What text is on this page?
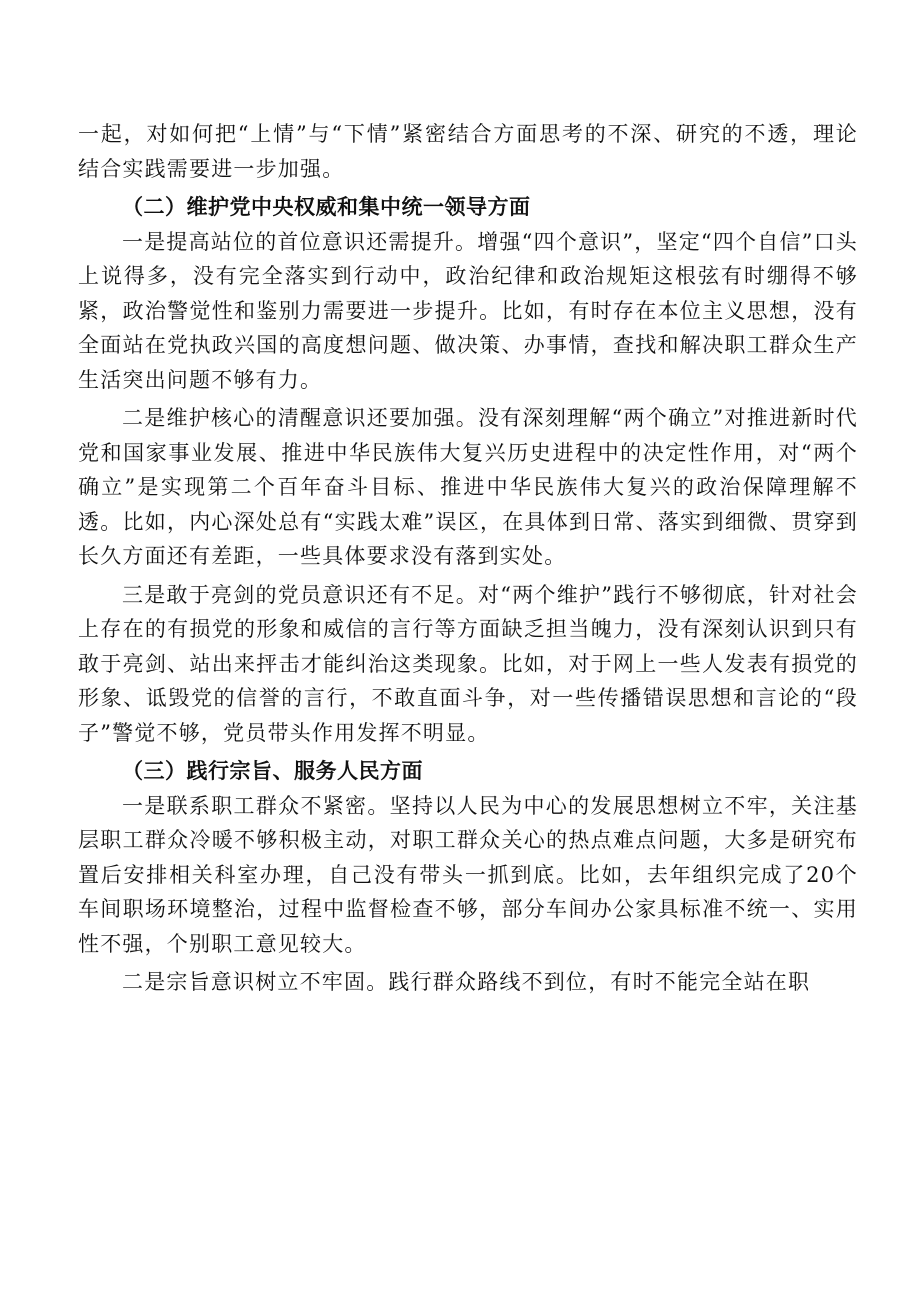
一起，对如何把“上情”与“下情”紧密结合方面思考的不深、研究的不透，理论结合实践需要进一步加强。

（二）维护党中央权威和集中统一领导方面

一是提高站位的首位意识还需提升。增强“四个意识”，坚定“四个自信”口头上说得多，没有完全落实到行动中，政治纪律和政治规矩这根弦有时绷得不够紧，政治警觉性和鉴别力需要进一步提升。比如，有时存在本位主义思想，没有全面站在党执政兴国的高度想问题、做决策、办事情，查找和解决职工群众生产生活突出问题不够有力。

二是维护核心的清醒意识还要加强。没有深刻理解“两个确立”对推进新时代党和国家事业发展、推进中华民族伟大复兴历史进程中的决定性作用，对“两个确立”是实现第二个百年奋斗目标、推进中华民族伟大复兴的政治保障理解不透。比如，内心深处总有“实践太难”误区，在具体到日常、落实到细微、贯穿到长久方面还有差距，一些具体要求没有落到实处。

三是敢于亮剑的党员意识还有不足。对“两个维护”践行不够彻底，针对社会上存在的有损党的形象和威信的言行等方面缺乏担当魄力，没有深刻认识到只有敢于亮剑、站出来抨击才能纠治这类现象。比如，对于网上一些人发表有损党的形象、诋毁党的信誉的言行，不敢直面斗争，对一些传播错误思想和言论的“段子”警觉不够，党员带头作用发挥不明显。

（三）践行宗旨、服务人民方面

一是联系职工群众不紧密。坚持以人民为中心的发展思想树立不牢，关注基层职工群众冷暖不够积极主动，对职工群众关心的热点难点问题，大多是研究布置后安排相关科室办理，自己没有带头一抓到底。比如，去年组织完成了20个车间职场环境整治，过程中监督检查不够，部分车间办公家具标准不统一、实用性不强，个别职工意见较大。

二是宗旨意识树立不牢固。践行群众路线不到位，有时不能完全站在职
